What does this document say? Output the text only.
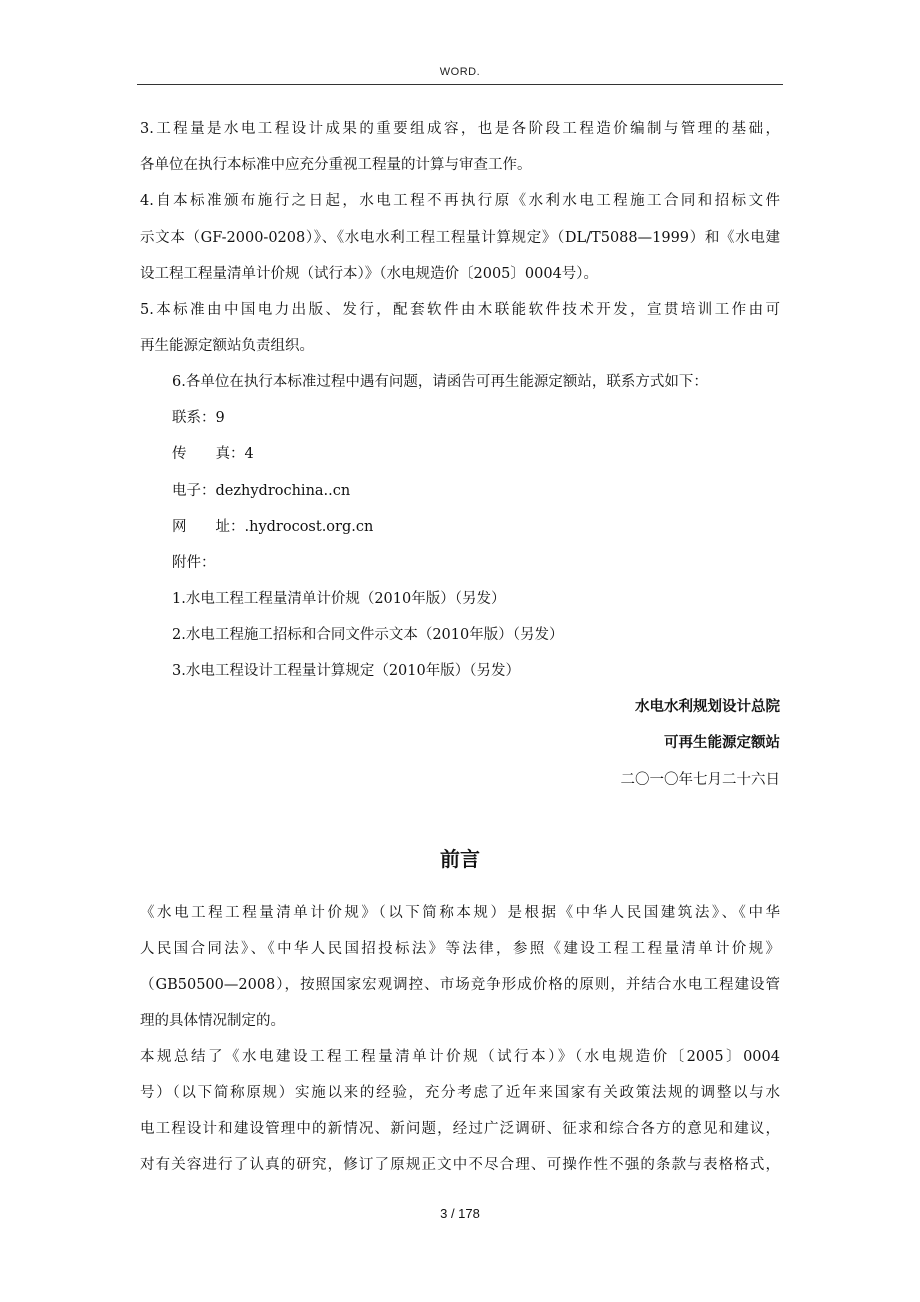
WORD.
3.工程量是水电工程设计成果的重要组成容，也是各阶段工程造价编制与管理的基础，
各单位在执行本标准中应充分重视工程量的计算与审查工作。
4.自本标准颁布施行之日起，水电工程不再执行原《水利水电工程施工合同和招标文件
示文本（GF-2000-0208）》、《水电水利工程工程量计算规定》（DL/T5088—1999）和《水电建
设工程工程量清单计价规（试行本）》（水电规造价〔2005〕0004号）。
5.本标准由中国电力出版、发行，配套软件由木联能软件技术开发，宣贯培训工作由可
再生能源定额站负责组织。
6.各单位在执行本标准过程中遇有问题，请函告可再生能源定额站，联系方式如下：
联系：9
传　　真：4
电子：dezhydrochina..cn
网　　址：.hydrocost.org.cn
附件：
1.水电工程工程量清单计价规（2010年版）（另发）
2.水电工程施工招标和合同文件示文本（2010年版）（另发）
3.水电工程设计工程量计算规定（2010年版）（另发）
水电水利规划设计总院
可再生能源定额站
二〇一〇年七月二十六日
前言
《水电工程工程量清单计价规》（以下简称本规）是根据《中华人民国建筑法》、《中华
人民国合同法》、《中华人民国招投标法》等法律，参照《建设工程工程量清单计价规》
（GB50500—2008），按照国家宏观调控、市场竞争形成价格的原则，并结合水电工程建设管
理的具体情况制定的。
本规总结了《水电建设工程工程量清单计价规（试行本）》（水电规造价〔2005〕0004
号）（以下简称原规）实施以来的经验，充分考虑了近年来国家有关政策法规的调整以与水
电工程设计和建设管理中的新情况、新问题，经过广泛调研、征求和综合各方的意见和建议，
对有关容进行了认真的研究，修订了原规正文中不尽合理、可操作性不强的条款与表格格式，
3 / 178
